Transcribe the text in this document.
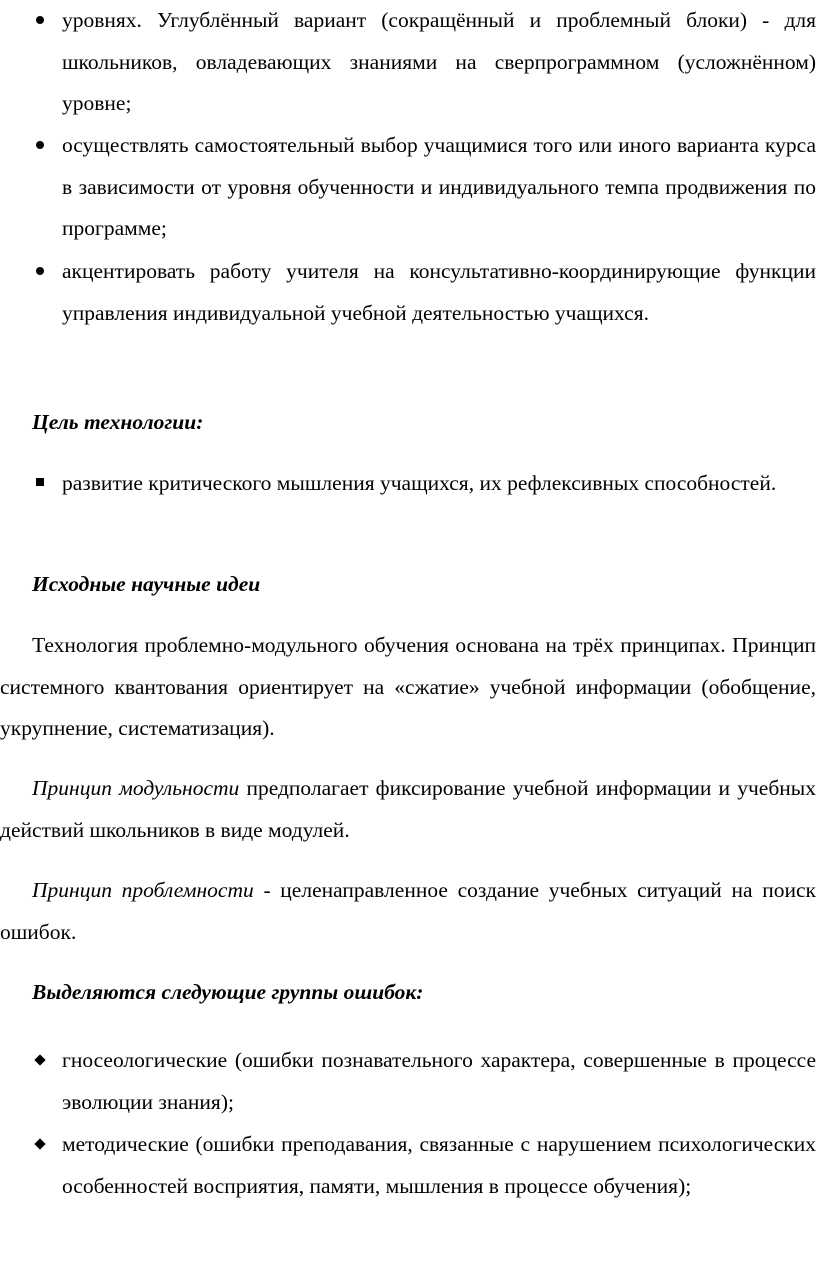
уровнях. Углублённый вариант (сокращённый и проблемный блоки) - для школьников, овладевающих знаниями на сверпрограммном (усложнённом) уровне;
осуществлять самостоятельный выбор учащимися того или иного варианта курса в зависимости от уровня обученности и индивидуального темпа продвижения по программе;
акцентировать работу учителя на консультативно-координирующие функции управления индивидуальной учебной деятельностью учащихся.
Цель технологии:
развитие критического мышления учащихся, их рефлексивных способностей.
Исходные научные идеи
Технология проблемно-модульного обучения основана на трёх принципах. Принцип системного квантования ориентирует на «сжатие» учебной информации (обобщение, укрупнение, систематизация).
Принцип модульности предполагает фиксирование учебной информации и учебных действий школьников в виде модулей.
Принцип проблемности - целенаправленное создание учебных ситуаций на поиск ошибок.
Выделяются следующие группы ошибок:
гносеологические (ошибки познавательного характера, совершенные в процессе эволюции знания);
методические (ошибки преподавания, связанные с нарушением психологических особенностей восприятия, памяти, мышления в процессе обучения);
